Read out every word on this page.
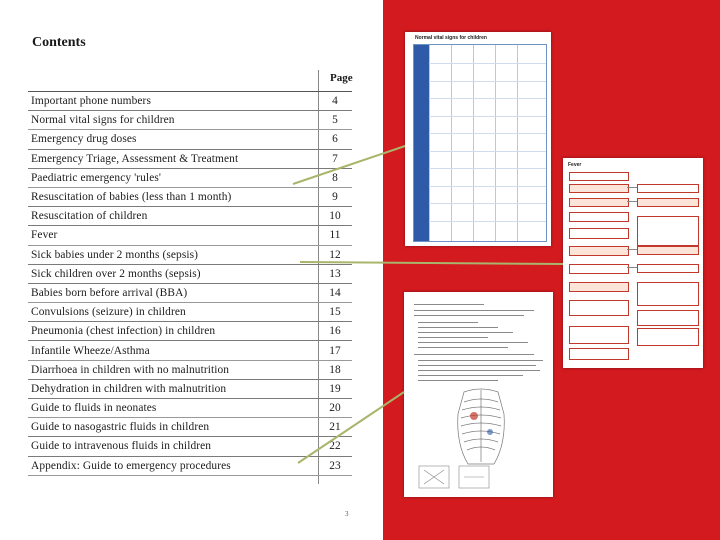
Contents
Page
Important phone numbers	4
Normal vital signs for children	5
Emergency drug doses	6
Emergency Triage, Assessment & Treatment	7
Paediatric emergency 'rules'	8
Resuscitation of babies (less than 1 month)	9
Resuscitation of children	10
Fever	11
Sick babies under 2 months (sepsis)	12
Sick children over 2 months (sepsis)	13
Babies born before arrival (BBA)	14
Convulsions (seizure) in children	15
Pneumonia (chest infection) in children	16
Infantile Wheeze/Asthma	17
Diarrhoea in children with no malnutrition	18
Dehydration in children with malnutrition	19
Guide to fluids in neonates	20
Guide to nasogastric fluids in children	21
Guide to intravenous fluids in children	22
Appendix: Guide to emergency procedures	23
3
Normal vital signs for children
Fever
